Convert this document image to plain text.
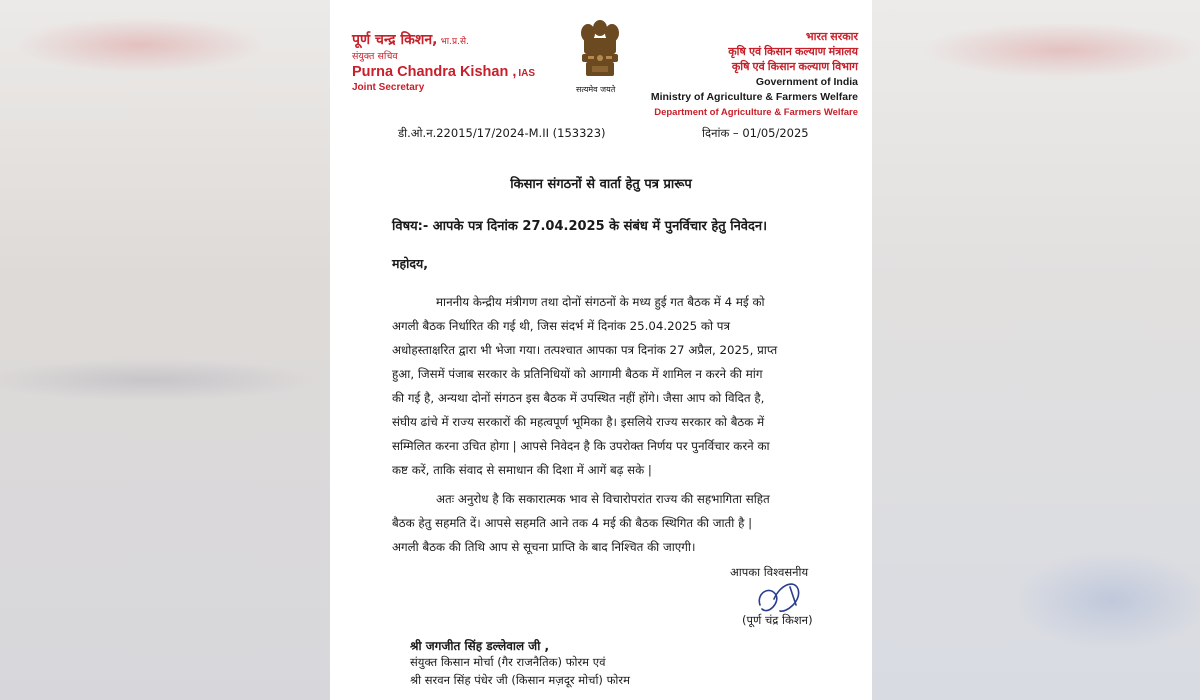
पूर्ण चन्द्र किशन, भा.प्र.से.
संयुक्त सचिव
Purna Chandra Kishan , IAS
Joint Secretary	सत्यमेव जयते
भारत सरकार
कृषि एवं किसान कल्याण मंत्रालय
कृषि एवं किसान कल्याण विभाग
Government of India
Ministry of Agriculture & Farmers Welfare
Department of Agriculture & Farmers Welfare
डी.ओ.न.22015/17/2024-M.II (153323)	दिनांक – 01/05/2025
किसान संगठनों से वार्ता हेतु पत्र प्रारूप
विषय:- आपके पत्र दिनांक 27.04.2025 के संबंध में पुनर्विचार हेतु निवेदन।
महोदय,
माननीय केन्द्रीय मंत्रीगण तथा दोनों संगठनों के मध्य हुई गत बैठक में 4 मई को
अगली बैठक निर्धारित की गई थी, जिस संदर्भ में दिनांक 25.04.2025 को पत्र
अधोहस्ताक्षरित द्वारा भी भेजा गया। तत्पश्चात आपका पत्र दिनांक 27 अप्रैल, 2025, प्राप्त
हुआ, जिसमें पंजाब सरकार के प्रतिनिधियों को आगामी बैठक में शामिल न करने की मांग
की गई है, अन्यथा दोनों संगठन इस बैठक में उपस्थित नहीं होंगे। जैसा आप को विदित है,
संघीय ढांचे में राज्य सरकारों की महत्वपूर्ण भूमिका है। इसलिये राज्य सरकार को बैठक में
सम्मिलित करना उचित होगा | आपसे निवेदन है कि उपरोक्त निर्णय पर पुनर्विचार करने का
कष्ट करें, ताकि संवाद से समाधान की दिशा में आगें बढ़ सके |
अतः अनुरोध है कि सकारात्मक भाव से विचारोपरांत राज्य की सहभागिता सहित
बैठक हेतु सहमति दें। आपसे सहमति आने तक 4 मई की बैठक स्थिगित की जाती है |
अगली बैठक की तिथि आप से सूचना प्राप्ति के बाद निश्चित की जाएगी।
आपका विश्वसनीय
(पूर्ण चंद्र किशन)
श्री जगजीत सिंह डल्लेवाल जी ,
संयुक्त किसान मोर्चा (गैर राजनैतिक) फोरम एवं
श्री सरवन सिंह पंधेर जी (किसान मज़दूर मोर्चा) फोरम
